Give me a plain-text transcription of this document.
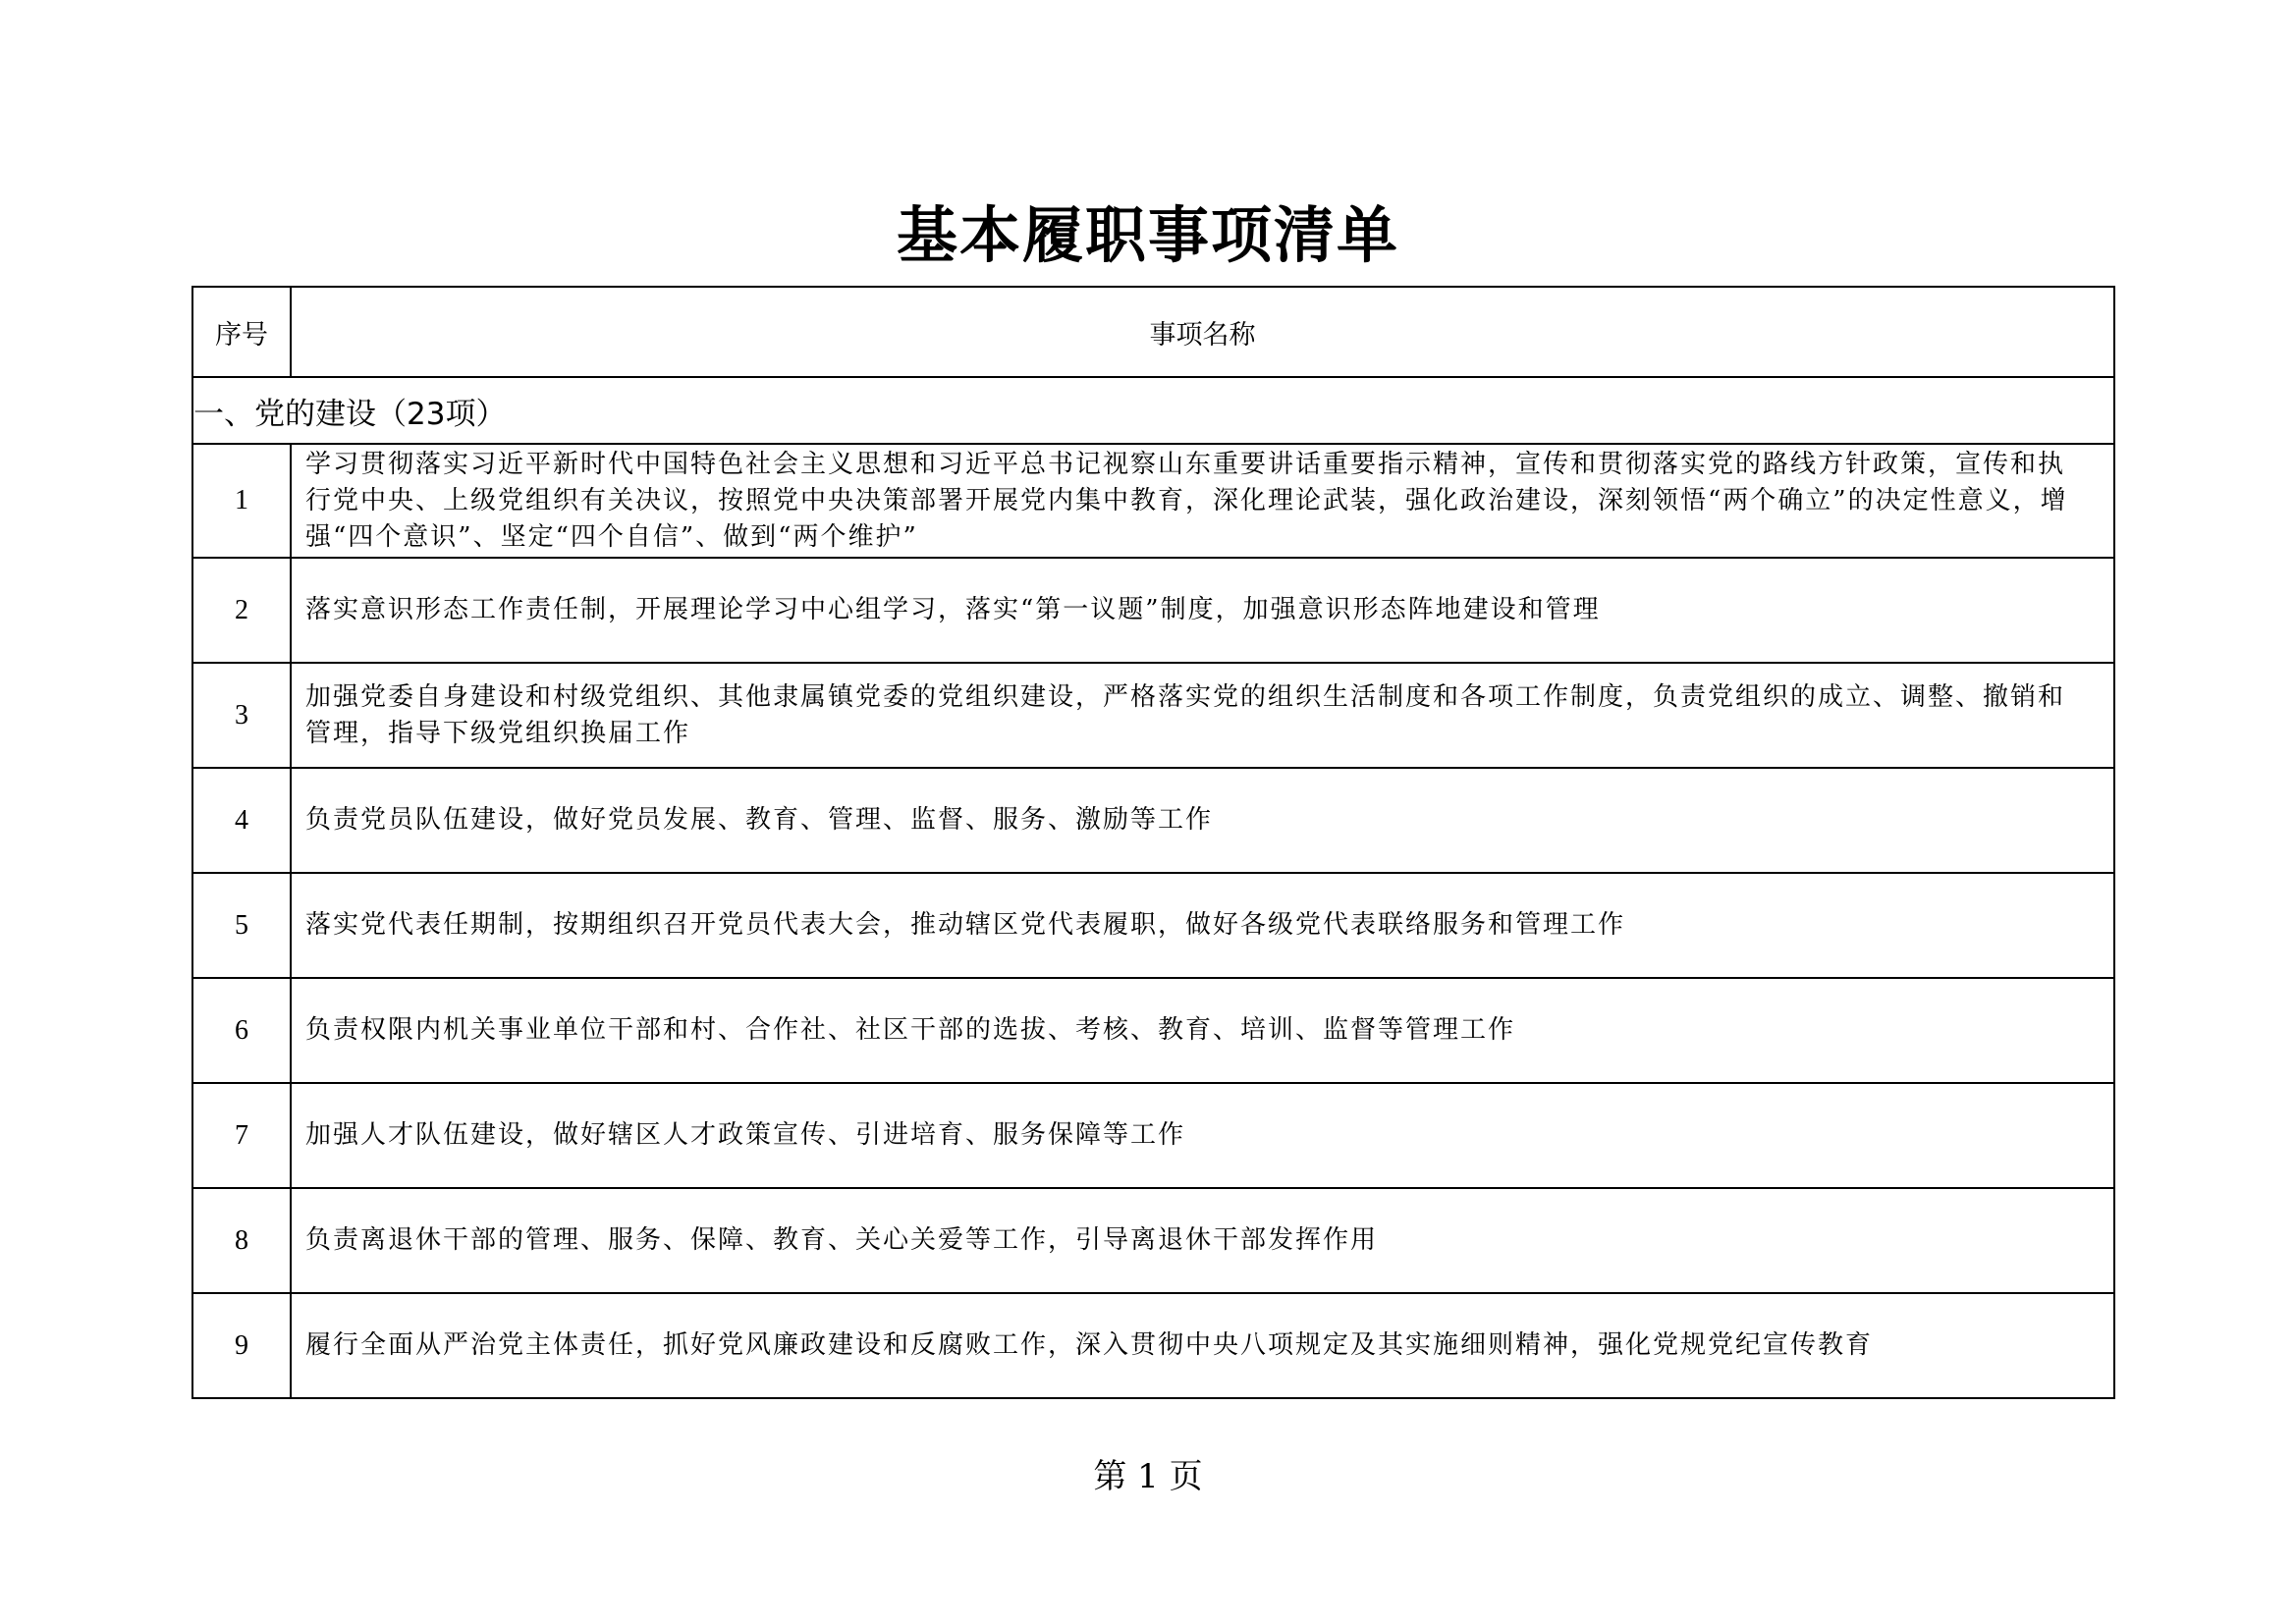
基本履职事项清单
序号	事项名称
一、党的建设（23项）	
1	学习贯彻落实习近平新时代中国特色社会主义思想和习近平总书记视察山东重要讲话重要指示精神，宣传和贯彻落实党的路线方针政策，宣传和执行党中央、上级党组织有关决议，按照党中央决策部署开展党内集中教育，深化理论武装，强化政治建设，深刻领悟“两个确立”的决定性意义，增强“四个意识”、坚定“四个自信”、做到“两个维护”
2	落实意识形态工作责任制，开展理论学习中心组学习，落实“第一议题”制度，加强意识形态阵地建设和管理
3	加强党委自身建设和村级党组织、其他隶属镇党委的党组织建设，严格落实党的组织生活制度和各项工作制度，负责党组织的成立、调整、撤销和管理，指导下级党组织换届工作
4	负责党员队伍建设，做好党员发展、教育、管理、监督、服务、激励等工作
5	落实党代表任期制，按期组织召开党员代表大会，推动辖区党代表履职，做好各级党代表联络服务和管理工作
6	负责权限内机关事业单位干部和村、合作社、社区干部的选拔、考核、教育、培训、监督等管理工作
7	加强人才队伍建设，做好辖区人才政策宣传、引进培育、服务保障等工作
8	负责离退休干部的管理、服务、保障、教育、关心关爱等工作，引导离退休干部发挥作用
9	履行全面从严治党主体责任，抓好党风廉政建设和反腐败工作，深入贯彻中央八项规定及其实施细则精神，强化党规党纪宣传教育
第 1 页
